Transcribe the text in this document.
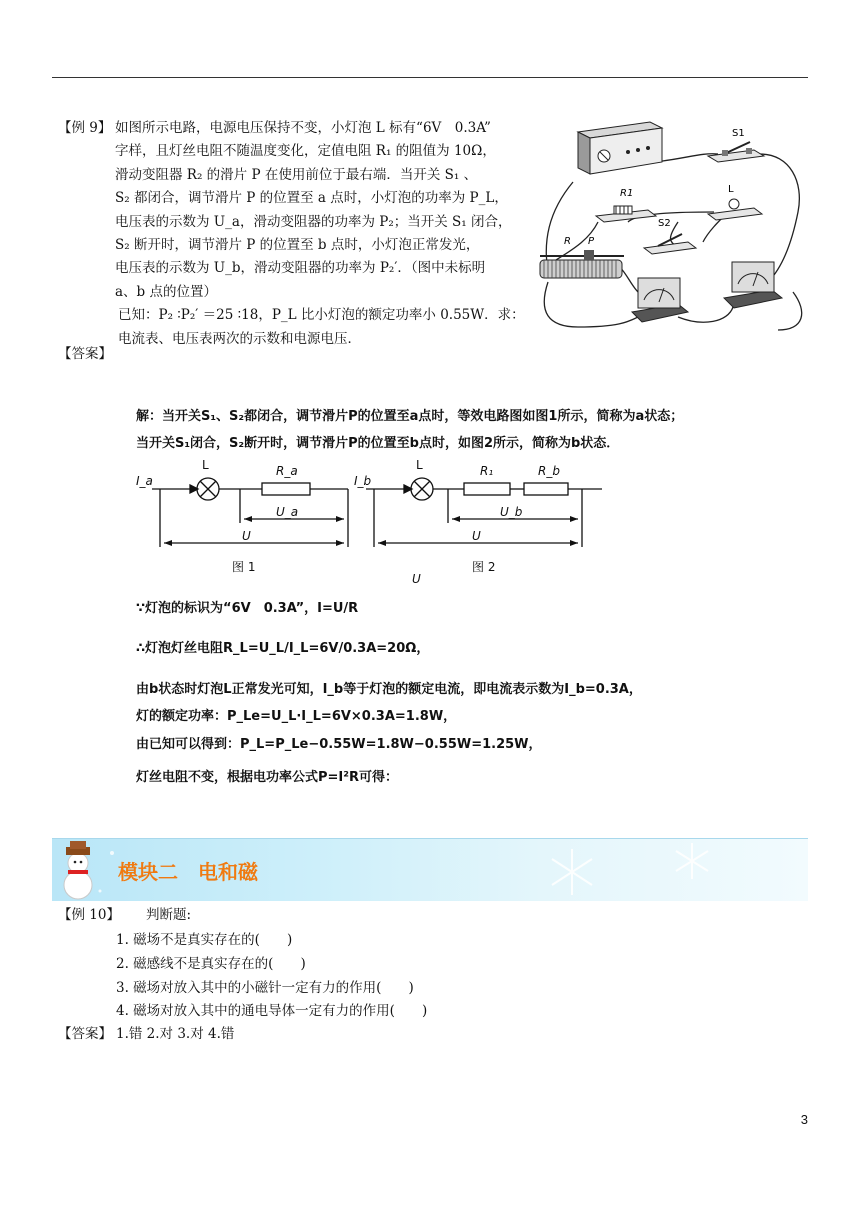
【例 9】 如图所示电路，电源电压保持不变，小灯泡 L 标有“6V　0.3A”
字样，且灯丝电阻不随温度变化，定值电阻 R₁ 的阻值为 10Ω，
滑动变阻器 R₂ 的滑片 P 在使用前位于最右端．当开关 S₁ 、
S₂ 都闭合，调节滑片 P 的位置至 a 点时，小灯泡的功率为 P_L，
电压表的示数为 U_a，滑动变阻器的功率为 P₂；当开关 S₁ 闭合，
S₂ 断开时，调节滑片 P 的位置至 b 点时，小灯泡正常发光，
电压表的示数为 U_b，滑动变阻器的功率为 P₂′．（图中未标明
a、b 点的位置）
已知：P₂ ∶P₂′ ＝25 ∶18，P_L 比小灯泡的额定功率小 0.55W．求：
电流表、电压表两次的示数和电源电压．
【答案】
S1
R1	L
S2
R P
解：当开关S₁、S₂都闭合，调节滑片P的位置至a点时，等效电路图如图1所示，简称为a状态；
当开关S₁闭合，S₂断开时，调节滑片P的位置至b点时，如图2所示，简称为b状态．
I_a
L	R_a
U_a
U
图 1
I_b
L	R₁	R_b
U_b
U
图 2
U
∵灯泡的标识为“6V　0.3A”，I=U/R
∴灯泡灯丝电阻R_L=U_L/I_L=6V/0.3A=20Ω，
由b状态时灯泡L正常发光可知，I_b等于灯泡的额定电流，即电流表示数为I_b=0.3A，
灯的额定功率：P_Le=U_L·I_L=6V×0.3A=1.8W，
由已知可以得到：P_L=P_Le−0.55W=1.8W−0.55W=1.25W，
灯丝电阻不变，根据电功率公式P=I²R可得：
模块二　电和磁
【例 10】 判断题:
1. 磁场不是真实存在的(　　)
2. 磁感线不是真实存在的(　　)
3. 磁场对放入其中的小磁针一定有力的作用(　　)
4. 磁场对放入其中的通电导体一定有力的作用(　　)
【答案】 1.错 2.对 3.对 4.错
3
